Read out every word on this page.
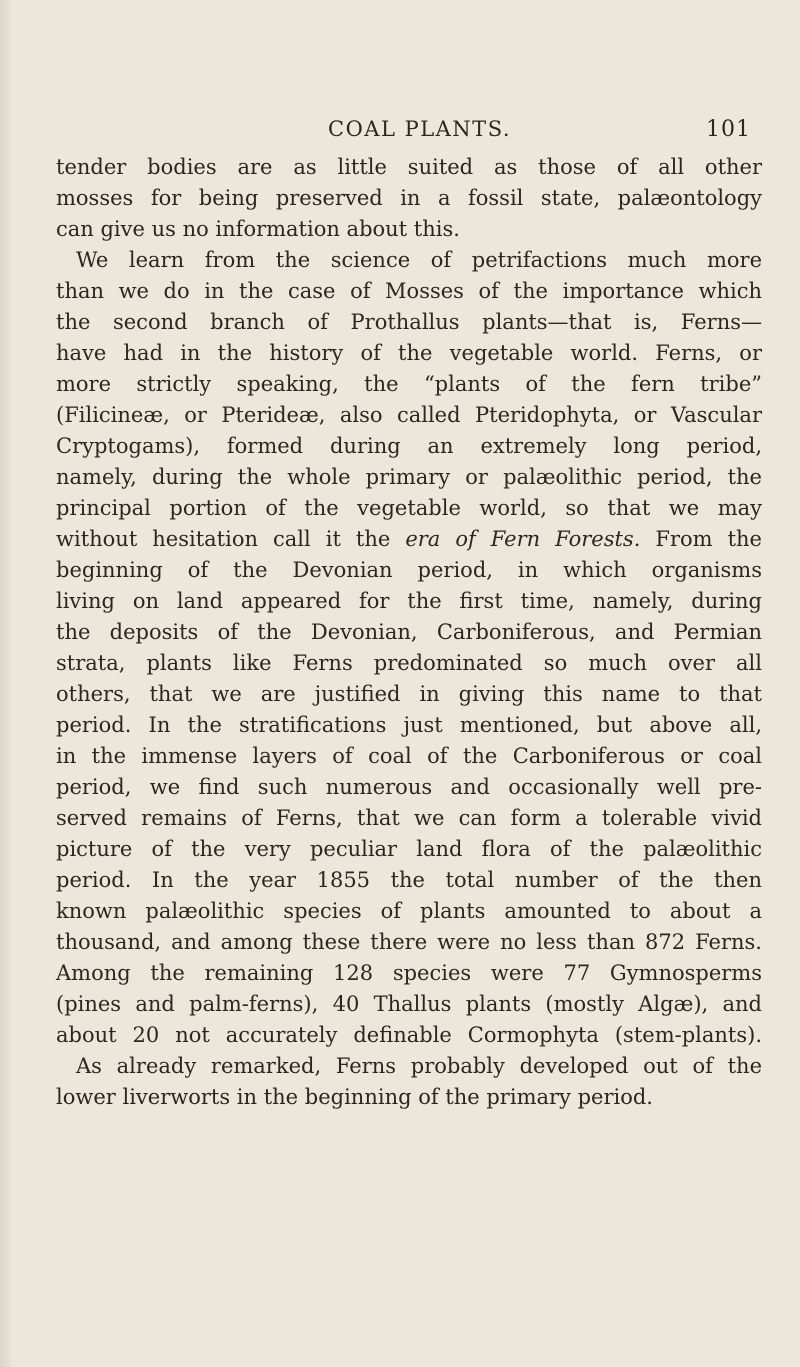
COAL PLANTS.	101
tender bodies are as little suited as those of all other
mosses for being preserved in a fossil state, palæontology
can give us no information about this.
We learn from the science of petrifactions much more
than we do in the case of Mosses of the importance which
the second branch of Prothallus plants—that is, Ferns—
have had in the history of the vegetable world. Ferns, or
more strictly speaking, the “plants of the fern tribe”
(Filicineæ, or Pterideæ, also called Pteridophyta, or Vascular
Cryptogams), formed during an extremely long period,
namely, during the whole primary or palæolithic period, the
principal portion of the vegetable world, so that we may
without hesitation call it the era of Fern Forests. From the
beginning of the Devonian period, in which organisms
living on land appeared for the first time, namely, during
the deposits of the Devonian, Carboniferous, and Permian
strata, plants like Ferns predominated so much over all
others, that we are justified in giving this name to that
period. In the stratifications just mentioned, but above all,
in the immense layers of coal of the Carboniferous or coal
period, we find such numerous and occasionally well pre-
served remains of Ferns, that we can form a tolerable vivid
picture of the very peculiar land flora of the palæolithic
period. In the year 1855 the total number of the then
known palæolithic species of plants amounted to about a
thousand, and among these there were no less than 872 Ferns.
Among the remaining 128 species were 77 Gymnosperms
(pines and palm-ferns), 40 Thallus plants (mostly Algæ), and
about 20 not accurately definable Cormophyta (stem-plants).
As already remarked, Ferns probably developed out of the
lower liverworts in the beginning of the primary period.
